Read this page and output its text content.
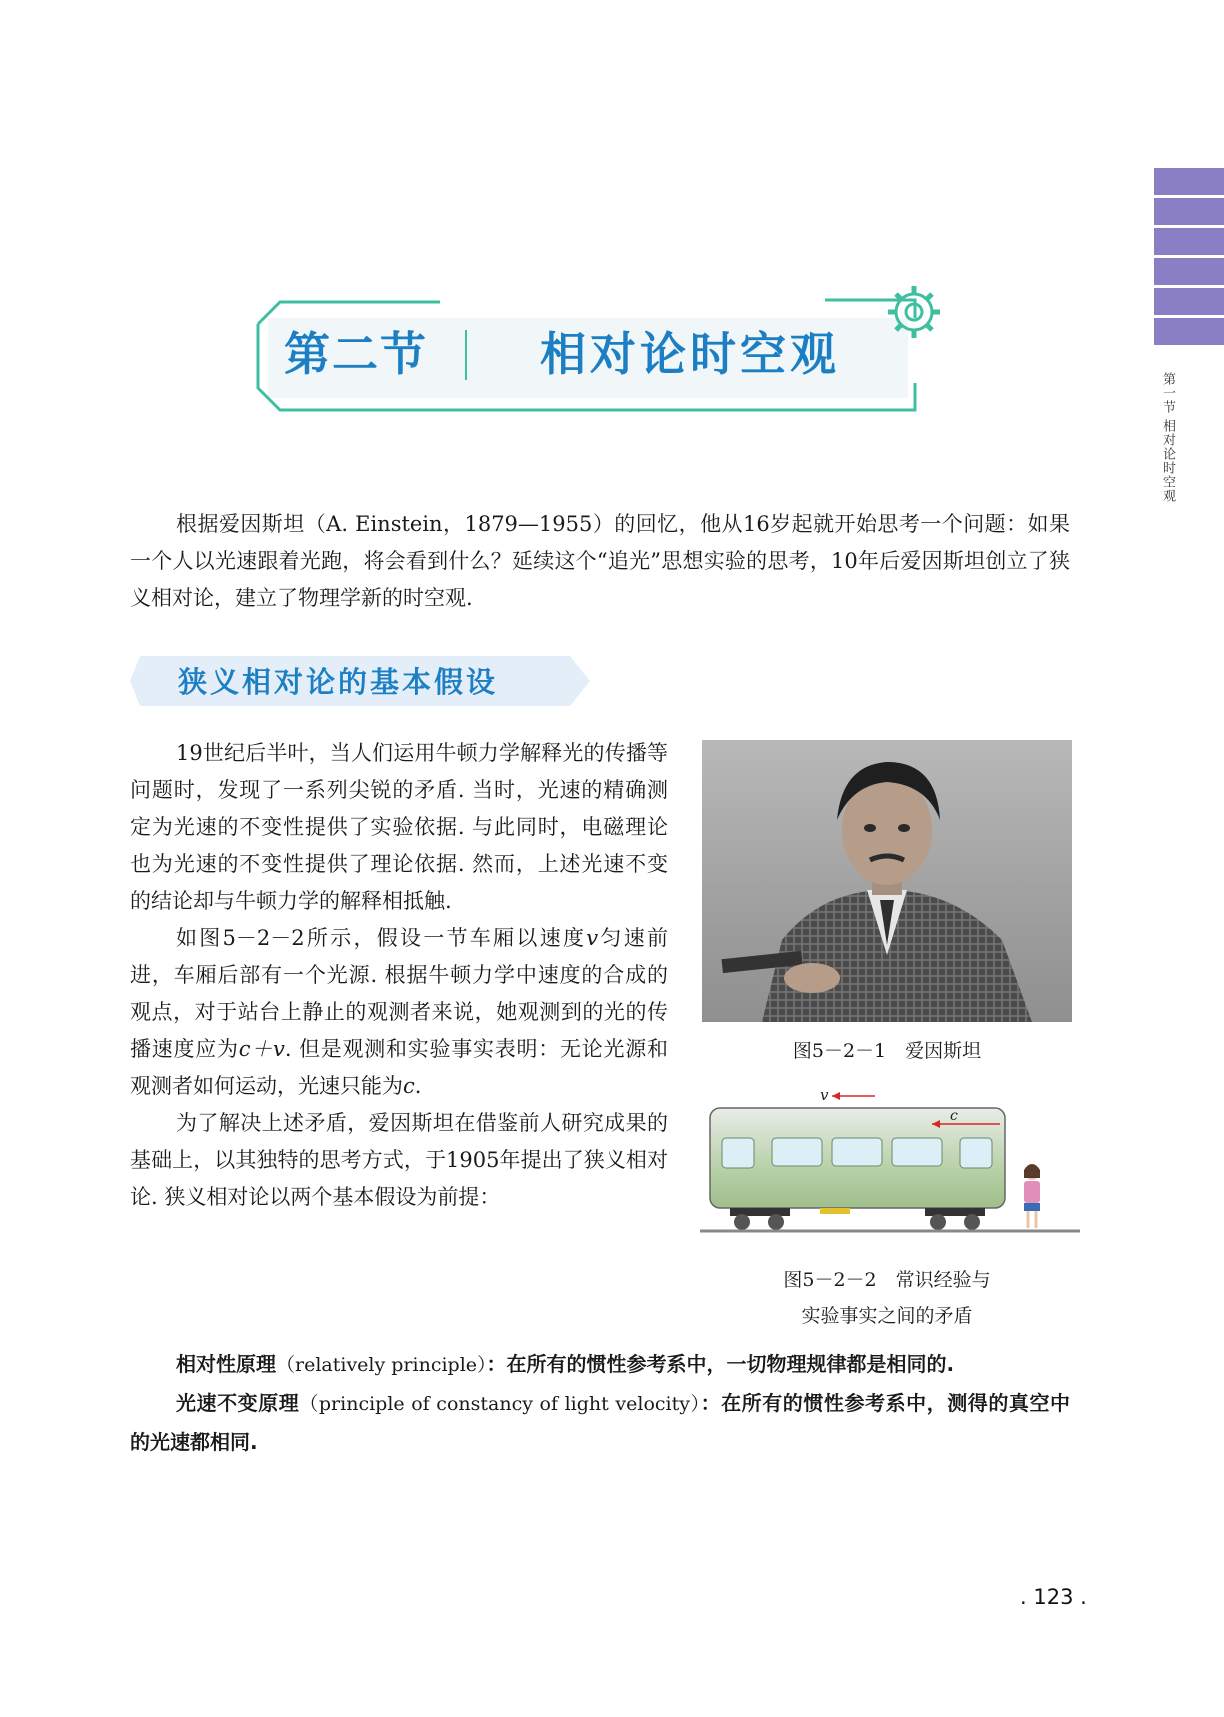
第一节 相对论时空观
第二节 相对论时空观

根据爱因斯坦（A. Einstein，1879—1955）的回忆，他从16岁起就开始思考一个问题：如果一个人以光速跟着光跑，将会看到什么？延续这个“追光”思想实验的思考，10年后爱因斯坦创立了狭义相对论，建立了物理学新的时空观.

狭义相对论的基本假设

19世纪后半叶，当人们运用牛顿力学解释光的传播等问题时，发现了一系列尖锐的矛盾. 当时，光速的精确测定为光速的不变性提供了实验依据. 与此同时，电磁理论也为光速的不变性提供了理论依据. 然而，上述光速不变的结论却与牛顿力学的解释相抵触.

如图5－2－2所示，假设一节车厢以速度v匀速前进，车厢后部有一个光源. 根据牛顿力学中速度的合成的观点，对于站台上静止的观测者来说，她观测到的光的传播速度应为c＋v. 但是观测和实验事实表明：无论光源和观测者如何运动，光速只能为c.

为了解决上述矛盾，爱因斯坦在借鉴前人研究成果的基础上，以其独特的思考方式，于1905年提出了狭义相对论. 狭义相对论以两个基本假设为前提：

图5－2－1　爱因斯坦
v
c
图5－2－2　常识经验与
实验事实之间的矛盾

相对性原理（relatively principle）：在所有的惯性参考系中，一切物理规律都是相同的.

光速不变原理（principle of constancy of light velocity）：在所有的惯性参考系中，测得的真空中的光速都相同.

. 123 .
